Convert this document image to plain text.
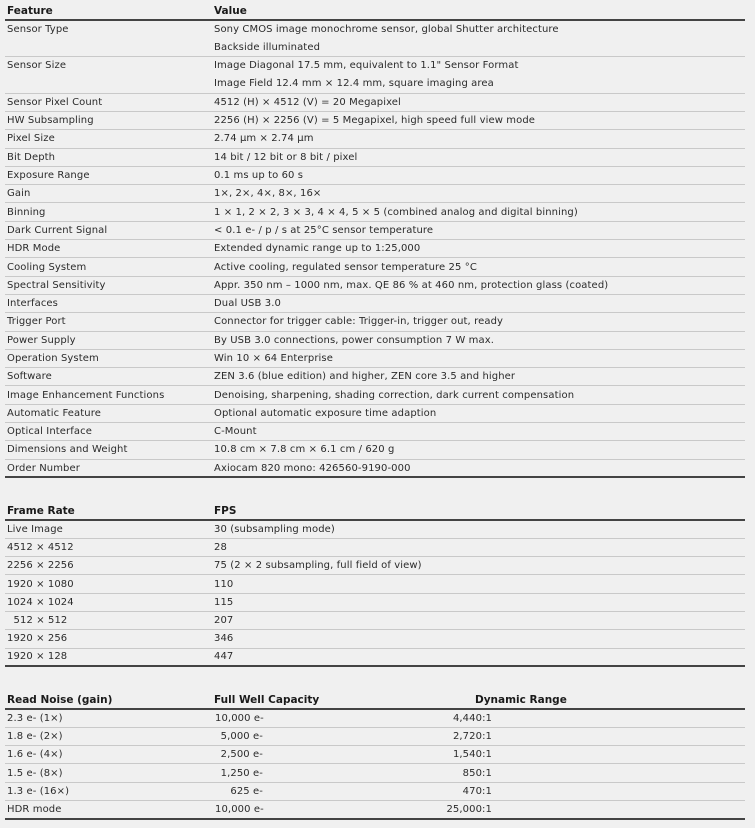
Feature	Value
Sensor Type	Sony CMOS image monochrome sensor, global Shutter architecture
	Backside illuminated
Sensor Size	Image Diagonal 17.5 mm, equivalent to 1.1" Sensor Format
	Image Field 12.4 mm × 12.4 mm, square imaging area
Sensor Pixel Count	4512 (H) × 4512 (V) = 20 Megapixel
HW Subsampling	2256 (H) × 2256 (V) = 5 Megapixel, high speed full view mode
Pixel Size	2.74 µm × 2.74 µm
Bit Depth	14 bit / 12 bit or 8 bit / pixel
Exposure Range	0.1 ms up to 60 s
Gain	1×, 2×, 4×, 8×, 16×
Binning	1 × 1, 2 × 2, 3 × 3, 4 × 4, 5 × 5 (combined analog and digital binning)
Dark Current Signal	< 0.1 e- / p / s at 25°C sensor temperature
HDR Mode	Extended dynamic range up to 1:25,000
Cooling System	Active cooling, regulated sensor temperature 25 °C
Spectral Sensitivity	Appr. 350 nm – 1000 nm, max. QE 86 % at 460 nm, protection glass (coated)
Interfaces	Dual USB 3.0
Trigger Port	Connector for trigger cable: Trigger-in, trigger out, ready
Power Supply	By USB 3.0 connections, power consumption 7 W max.
Operation System	Win 10 × 64 Enterprise
Software	ZEN 3.6 (blue edition) and higher, ZEN core 3.5 and higher
Image Enhancement Functions	Denoising, sharpening, shading correction, dark current compensation
Automatic Feature	Optional automatic exposure time adaption
Optical Interface	C-Mount
Dimensions and Weight	10.8 cm × 7.8 cm × 6.1 cm / 620 g
Order Number	Axiocam 820 mono: 426560-9190-000
Frame Rate	FPS
Live Image	30 (subsampling mode)
4512 × 4512	28
2256 × 2256	75 (2 × 2 subsampling, full field of view)
1920 × 1080	110
1024 × 1024	115
512 × 512	207
1920 × 256	346
1920 × 128	447
Read Noise (gain)	Full Well Capacity	Dynamic Range	
2.3 e- (1×)	10,000 e-	4,440:1	
1.8 e- (2×)	5,000 e-	2,720:1	
1.6 e- (4×)	2,500 e-	1,540:1	
1.5 e- (8×)	1,250 e-	850:1	
1.3 e- (16×)	625 e-	470:1	
HDR mode	10,000 e-	25,000:1	
